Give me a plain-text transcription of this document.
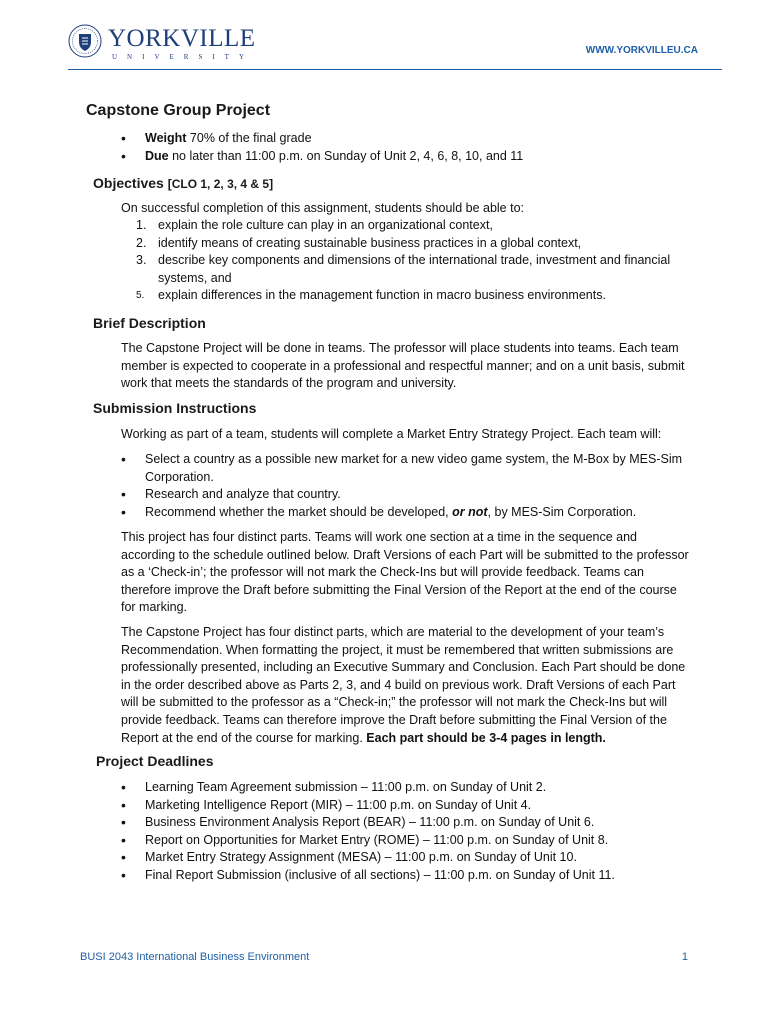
YORKVILLE
UNIVERSITY
WWW.YORKVILLEU.CA
Capstone Group Project
• Weight 70% of the final grade
• Due no later than 11:00 p.m. on Sunday of Unit 2, 4, 6, 8, 10, and 11
Objectives [CLO 1, 2, 3, 4 & 5]

On successful completion of this assignment, students should be able to:

1. explain the role culture can play in an organizational context,
2. identify means of creating sustainable business practices in a global context,
3. describe key components and dimensions of the international trade, investment and financial systems, and
5. explain differences in the management function in macro business environments.
Brief Description

The Capstone Project will be done in teams. The professor will place students into teams. Each team member is expected to cooperate in a professional and respectful manner; and on a unit basis, submit work that meets the standards of the program and university.

Submission Instructions

Working as part of a team, students will complete a Market Entry Strategy Project. Each team will:

• Select a country as a possible new market for a new video game system, the M-Box by MES-Sim Corporation.
• Research and analyze that country.
• Recommend whether the market should be developed, or not, by MES-Sim Corporation.

This project has four distinct parts. Teams will work one section at a time in the sequence and according to the schedule outlined below. Draft Versions of each Part will be submitted to the professor as a ‘Check-in’; the professor will not mark the Check-Ins but will provide feedback. Teams can therefore improve the Draft before submitting the Final Version of the Report at the end of the course for marking.

The Capstone Project has four distinct parts, which are material to the development of your team’s Recommendation. When formatting the project, it must be remembered that written submissions are professionally presented, including an Executive Summary and Conclusion. Each Part should be done in the order described above as Parts 2, 3, and 4 build on previous work. Draft Versions of each Part will be submitted to the professor as a “Check-in;” the professor will not mark the Check-Ins but will provide feedback. Teams can therefore improve the Draft before submitting the Final Version of the Report at the end of the course for marking. Each part should be 3-4 pages in length.

Project Deadlines
• Learning Team Agreement submission – 11:00 p.m. on Sunday of Unit 2.
• Marketing Intelligence Report (MIR) – 11:00 p.m. on Sunday of Unit 4.
• Business Environment Analysis Report (BEAR) – 11:00 p.m. on Sunday of Unit 6.
• Report on Opportunities for Market Entry (ROME) – 11:00 p.m. on Sunday of Unit 8.
• Market Entry Strategy Assignment (MESA) – 11:00 p.m. on Sunday of Unit 10.
• Final Report Submission (inclusive of all sections) – 11:00 p.m. on Sunday of Unit 11.
BUSI 2043 International Business Environment	1
